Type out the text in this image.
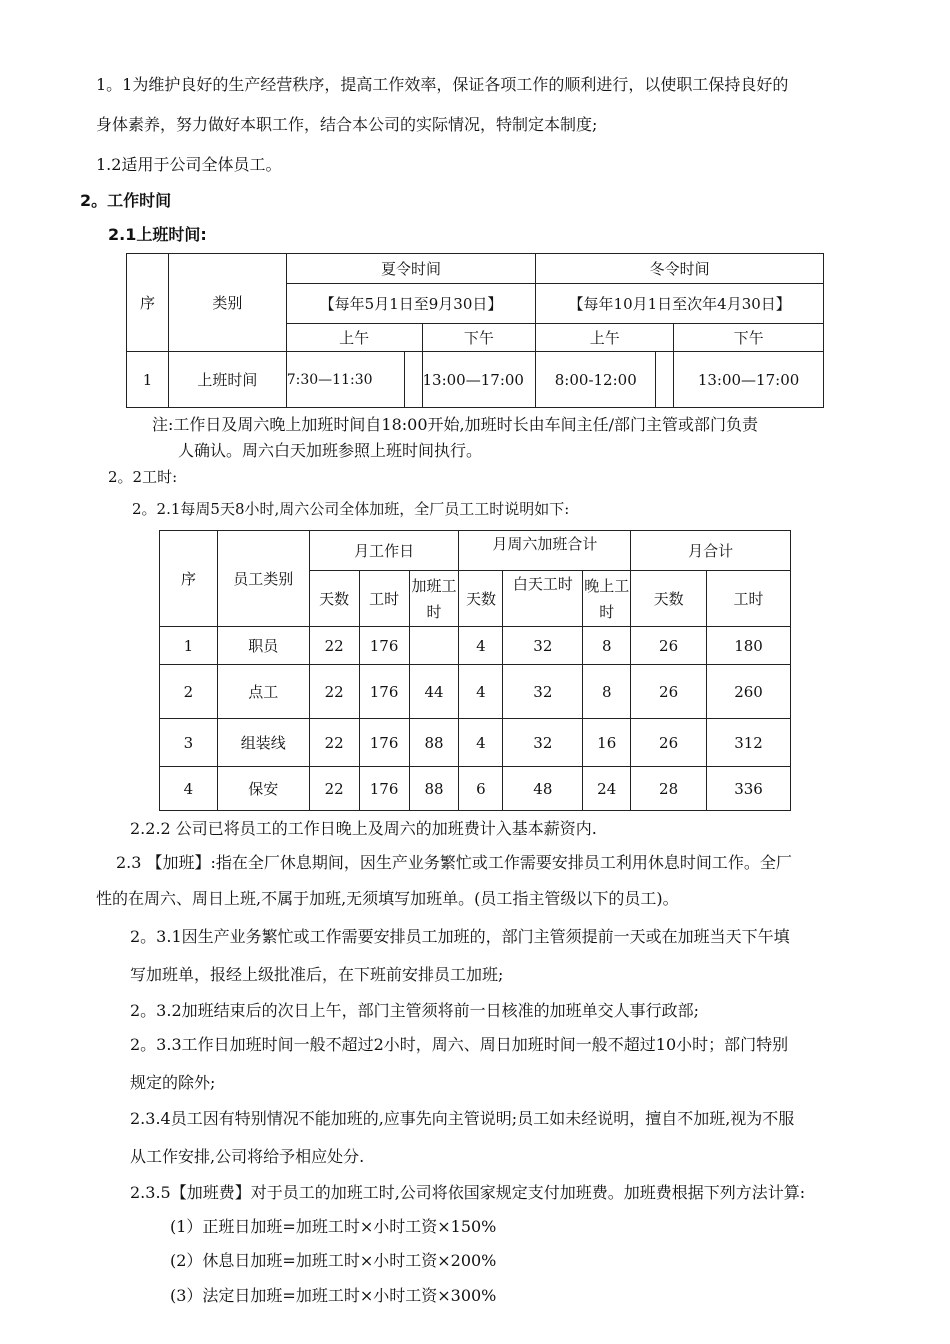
1。1为维护良好的生产经营秩序，提高工作效率，保证各项工作的顺利进行，以使职工保持良好的
身体素养，努力做好本职工作，结合本公司的实际情况，特制定本制度;
1.2适用于公司全体员工。
2。工作时间
2.1上班时间:
序	类别	夏令时间			冬令时间		
		【每年5月1日至9月30日】			【每年10月1日至次年4月30日】		
		上午		下午	上午		下午
1	上班时间	7:30—11:30		13:00—17:00	8:00-12:00		13:00—17:00
注:工作日及周六晚上加班时间自18:00开始,加班时长由车间主任/部门主管或部门负责
人确认。周六白天加班参照上班时间执行。
2。2工时:
2。2.1每周5天8小时,周六公司全体加班，全厂员工工时说明如下:
序	员工类别	月工作日			月周六加班合计			月合计	
		天数	工时	加班工时	天数	白天工时	晚上工时	天数	工时
1	职员	22	176		4	32	8	26	180
2	点工	22	176	44	4	32	8	26	260
3	组装线	22	176	88	4	32	16	26	312
4	保安	22	176	88	6	48	24	28	336
2.2.2 公司已将员工的工作日晚上及周六的加班费计入基本薪资内.
2.3 【加班】:指在全厂休息期间，因生产业务繁忙或工作需要安排员工利用休息时间工作。全厂
性的在周六、周日上班,不属于加班,无须填写加班单。(员工指主管级以下的员工)。
2。3.1因生产业务繁忙或工作需要安排员工加班的，部门主管须提前一天或在加班当天下午填
写加班单，报经上级批准后，在下班前安排员工加班;
2。3.2加班结束后的次日上午，部门主管须将前一日核准的加班单交人事行政部;
2。3.3工作日加班时间一般不超过2小时，周六、周日加班时间一般不超过10小时；部门特别
规定的除外;
2.3.4员工因有特别情况不能加班的,应事先向主管说明;员工如未经说明，擅自不加班,视为不服
从工作安排,公司将给予相应处分.
2.3.5【加班费】对于员工的加班工时,公司将依国家规定支付加班费。加班费根据下列方法计算:
(1）正班日加班=加班工时×小时工资×150%
(2）休息日加班=加班工时×小时工资×200%
(3）法定日加班=加班工时×小时工资×300%
